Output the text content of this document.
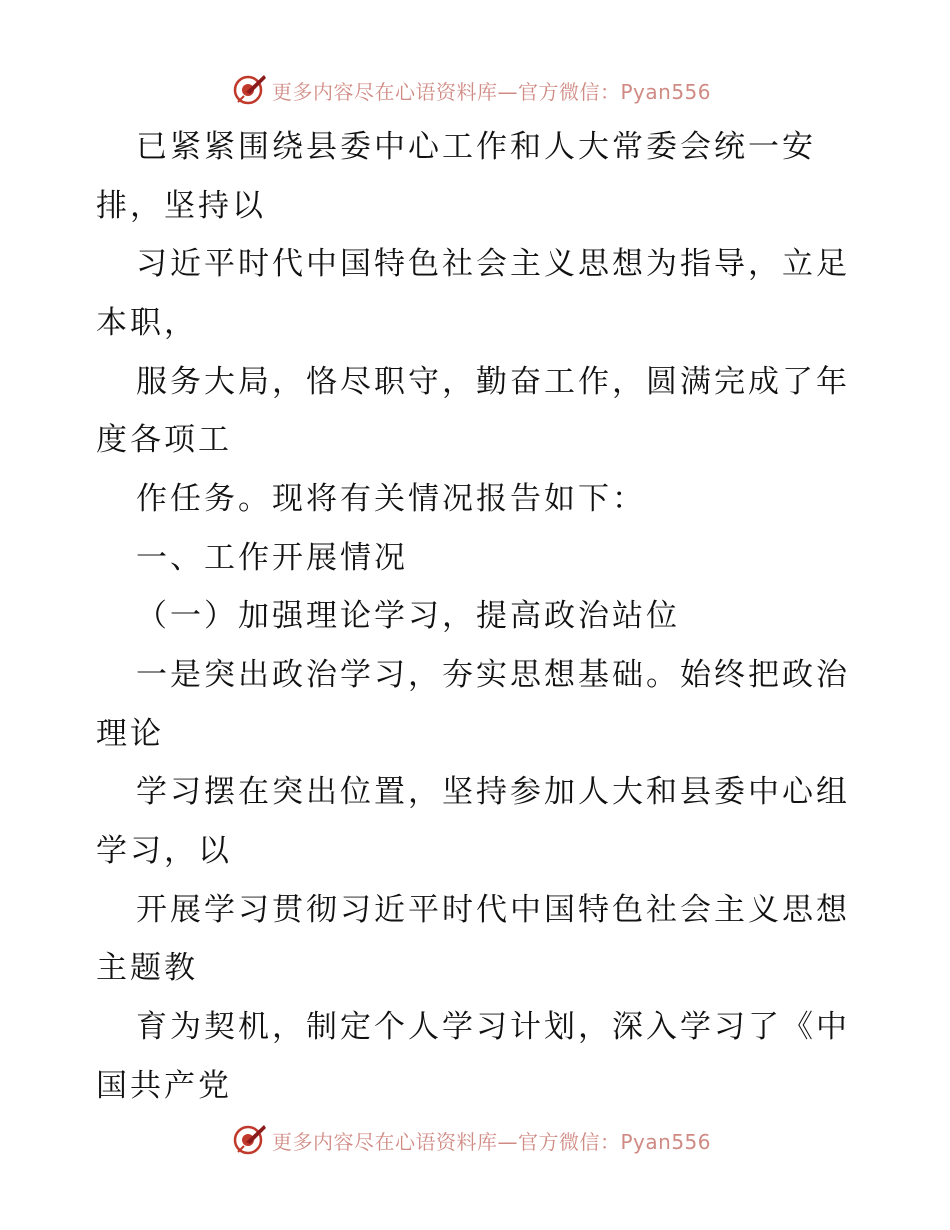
更多内容尽在心语资料库—官方微信：Pyan556
已紧紧围绕县委中心工作和人大常委会统一安
排，坚持以
习近平时代中国特色社会主义思想为指导，立足
本职，
服务大局，恪尽职守，勤奋工作，圆满完成了年
度各项工
作任务。现将有关情况报告如下：
一、工作开展情况
（一）加强理论学习，提高政治站位
一是突出政治学习，夯实思想基础。始终把政治
理论
学习摆在突出位置，坚持参加人大和县委中心组
学习，以
开展学习贯彻习近平时代中国特色社会主义思想
主题教
育为契机，制定个人学习计划，深入学习了《中
国共产党
更多内容尽在心语资料库—官方微信：Pyan556
